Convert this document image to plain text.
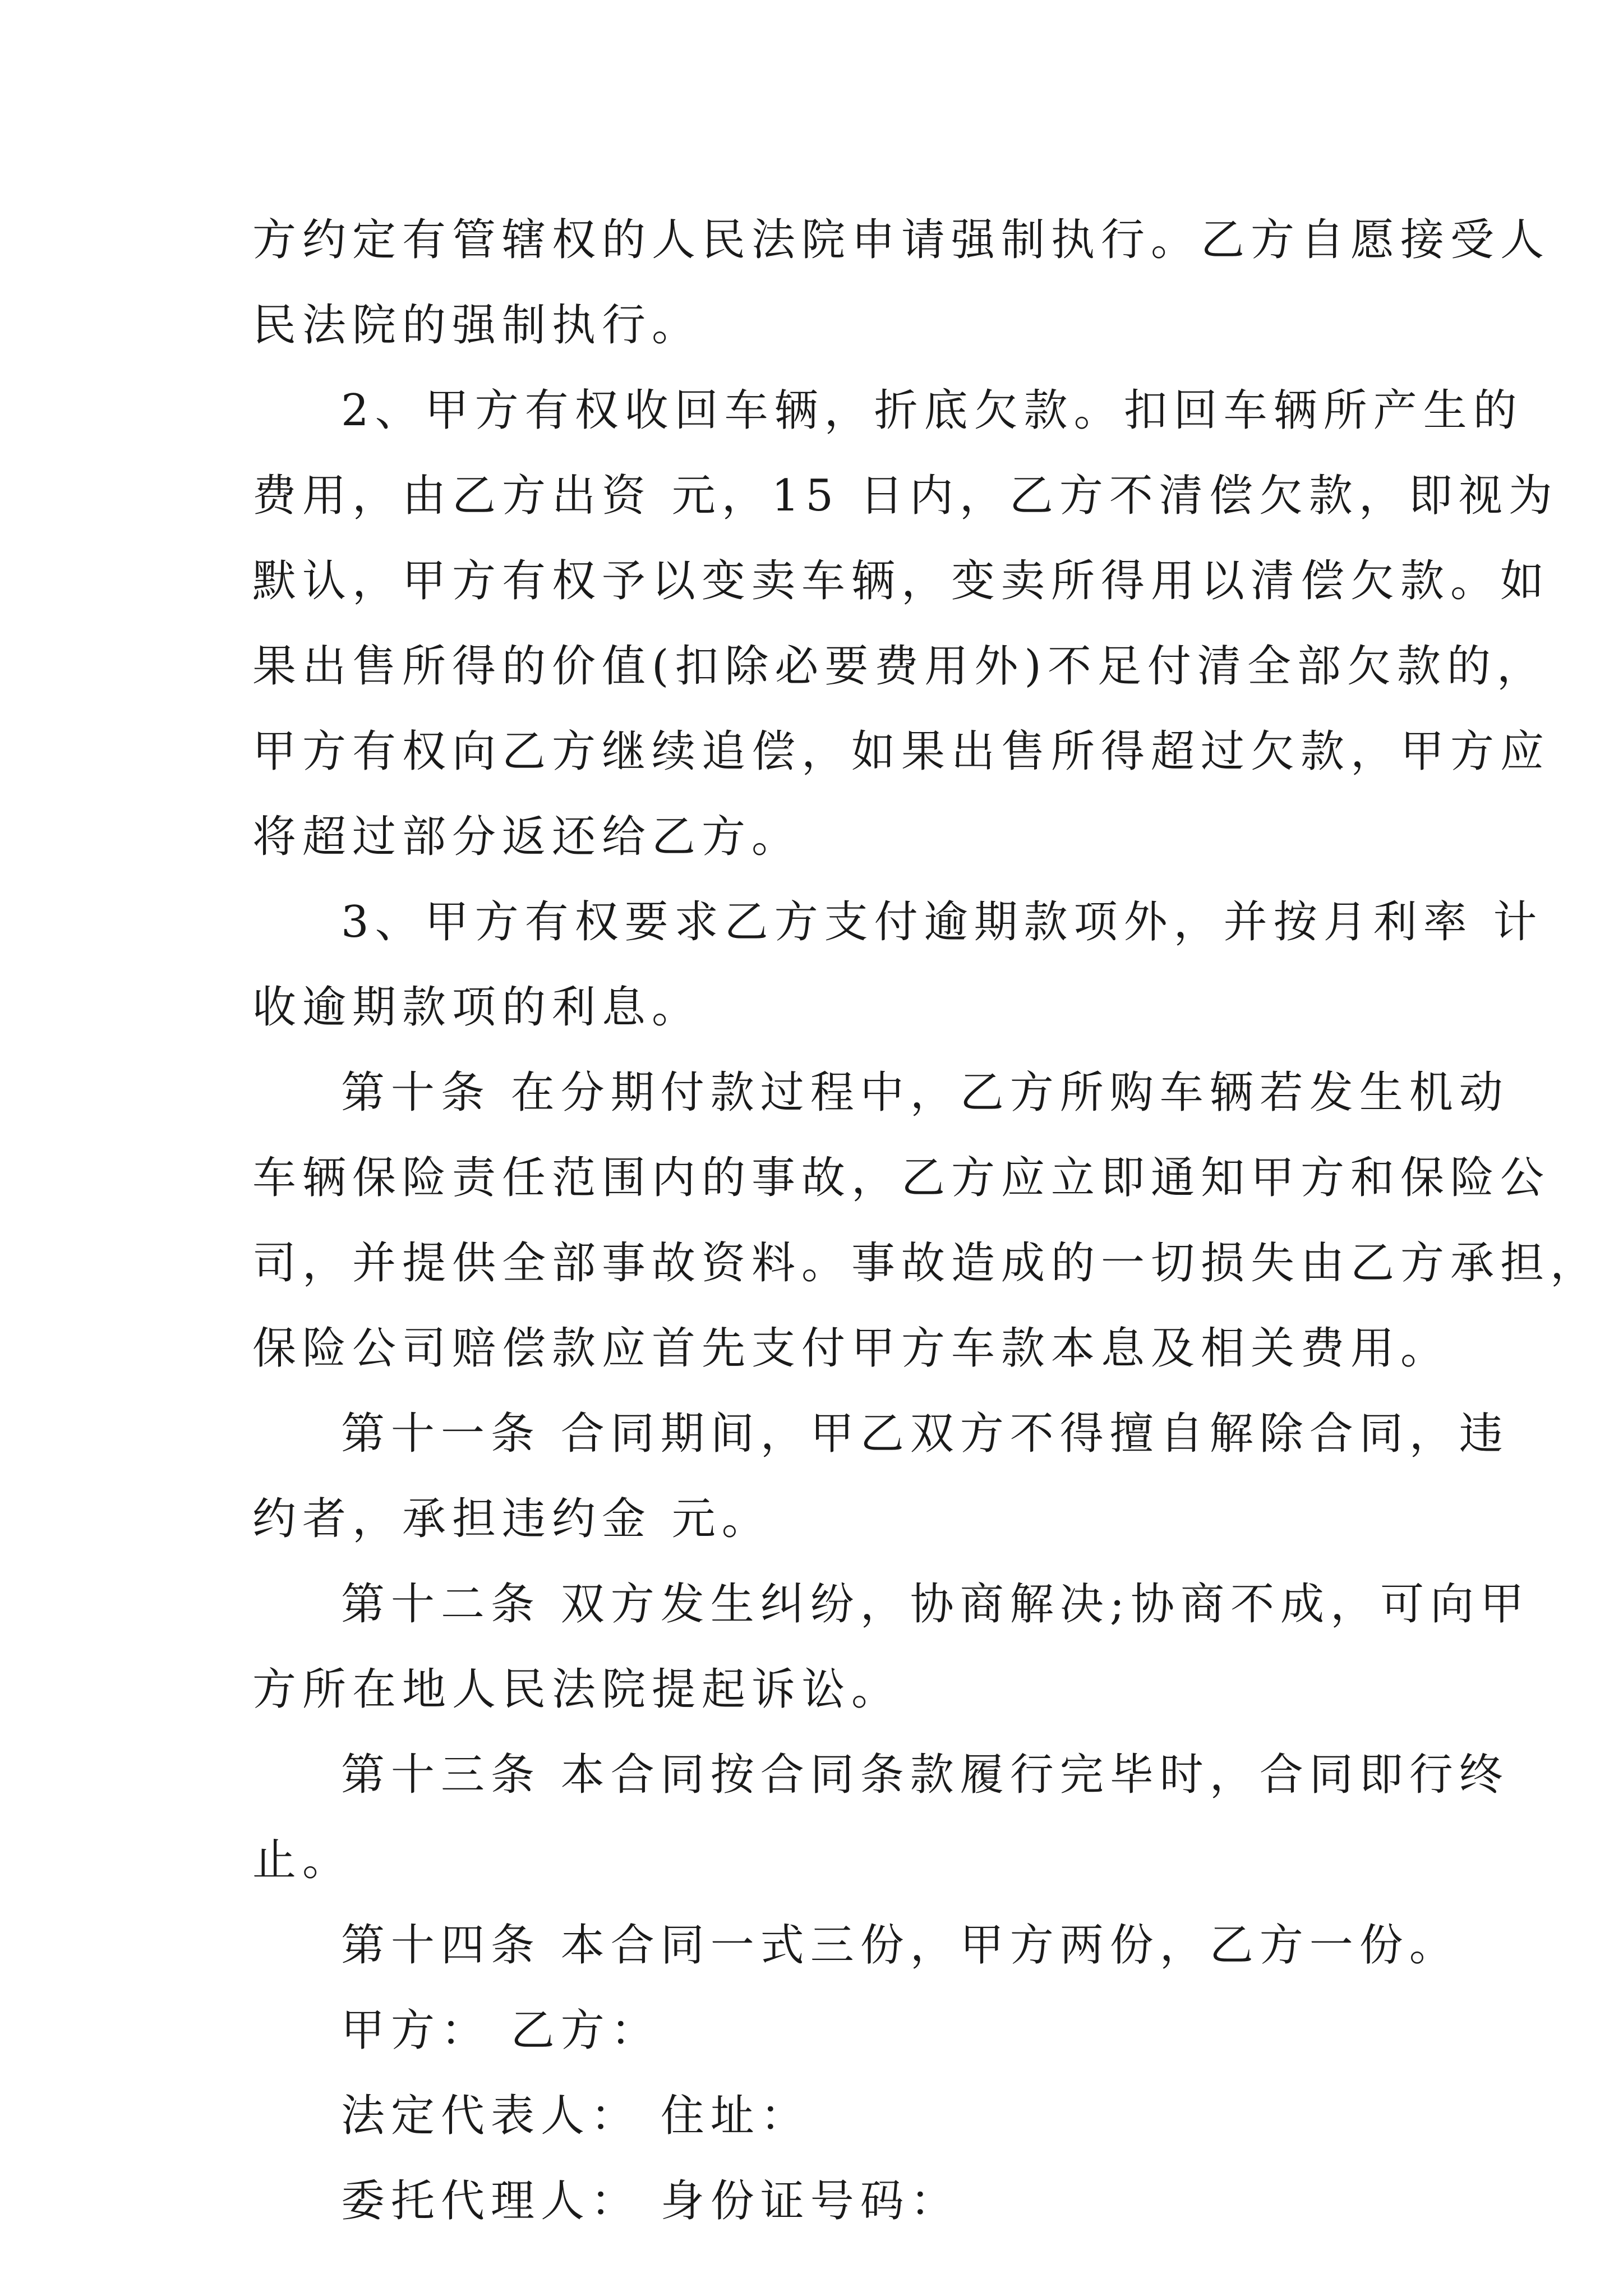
方约定有管辖权的人民法院申请强制执行。乙方自愿接受人
民法院的强制执行。
2、甲方有权收回车辆，折底欠款。扣回车辆所产生的
费用，由乙方出资 元，15 日内，乙方不清偿欠款，即视为
默认，甲方有权予以变卖车辆，变卖所得用以清偿欠款。如
果出售所得的价值(扣除必要费用外)不足付清全部欠款的，
甲方有权向乙方继续追偿，如果出售所得超过欠款，甲方应
将超过部分返还给乙方。
3、甲方有权要求乙方支付逾期款项外，并按月利率 计
收逾期款项的利息。
第十条 在分期付款过程中，乙方所购车辆若发生机动
车辆保险责任范围内的事故，乙方应立即通知甲方和保险公
司，并提供全部事故资料。事故造成的一切损失由乙方承担，
保险公司赔偿款应首先支付甲方车款本息及相关费用。
第十一条 合同期间，甲乙双方不得擅自解除合同，违
约者，承担违约金 元。
第十二条 双方发生纠纷，协商解决;协商不成，可向甲
方所在地人民法院提起诉讼。
第十三条 本合同按合同条款履行完毕时，合同即行终
止。
第十四条 本合同一式三份，甲方两份，乙方一份。
甲方： 乙方：
法定代表人： 住址：
委托代理人： 身份证号码：
